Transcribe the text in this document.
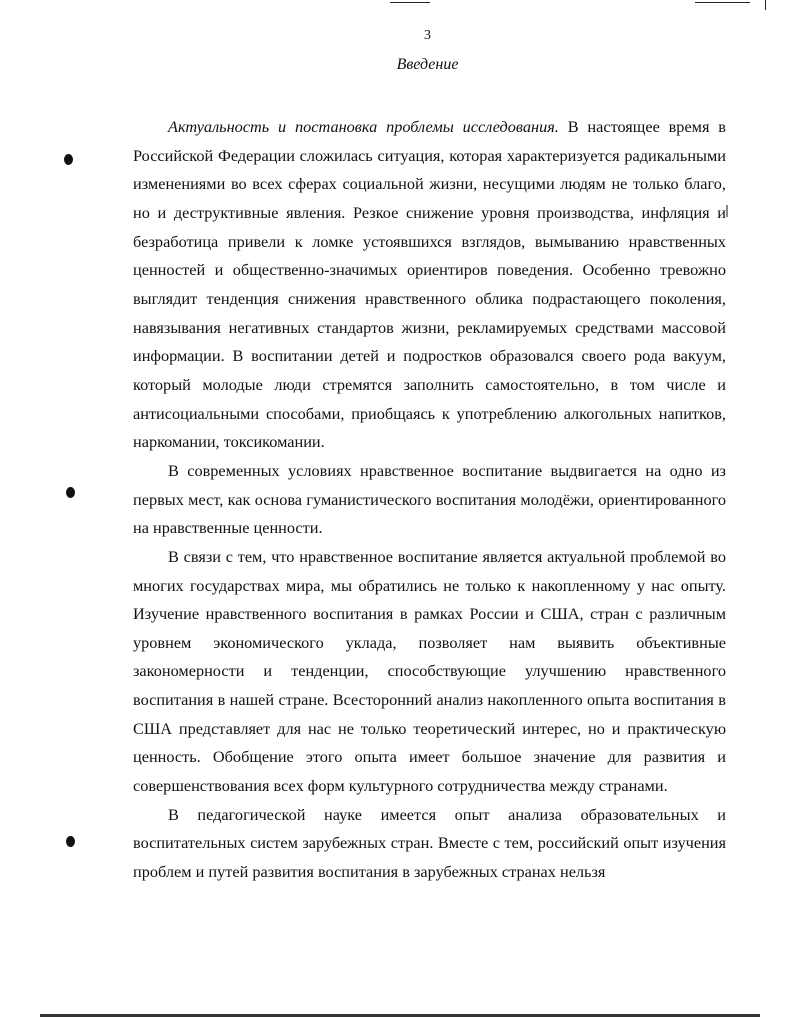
3
Введение

Актуальность и постановка проблемы исследования. В настоящее время в Российской Федерации сложилась ситуация, которая характеризуется радикальными изменениями во всех сферах социальной жизни, несущими людям не только благо, но и деструктивные явления. Резкое снижение уровня производства, инфляция и безработица привели к ломке устоявшихся взглядов, вымыванию нравственных ценностей и общественно-значимых ориентиров поведения. Особенно тревожно выглядит тенденция снижения нравственного облика подрастающего поколения, навязывания негативных стандартов жизни, рекламируемых средствами массовой информации. В воспитании детей и подростков образовался своего рода вакуум, который молодые люди стремятся заполнить самостоятельно, в том числе и антисоциальными способами, приобщаясь к употреблению алкогольных напитков, наркомании, токсикомании.

В современных условиях нравственное воспитание выдвигается на одно из первых мест, как основа гуманистического воспитания молодёжи, ориентированного на нравственные ценности.

В связи с тем, что нравственное воспитание является актуальной проблемой во многих государствах мира, мы обратились не только к накопленному у нас опыту. Изучение нравственного воспитания в рамках России и США, стран с различным уровнем экономического уклада, позволяет нам выявить объективные закономерности и тенденции, способствующие улучшению нравственного воспитания в нашей стране. Всесторонний анализ накопленного опыта воспитания в США представляет для нас не только теоретический интерес, но и практическую ценность. Обобщение этого опыта имеет большое значение для развития и совершенствования всех форм культурного сотрудничества между странами.

В педагогической науке имеется опыт анализа образовательных и воспитательных систем зарубежных стран. Вместе с тем, российский опыт изучения проблем и путей развития воспитания в зарубежных странах нельзя
